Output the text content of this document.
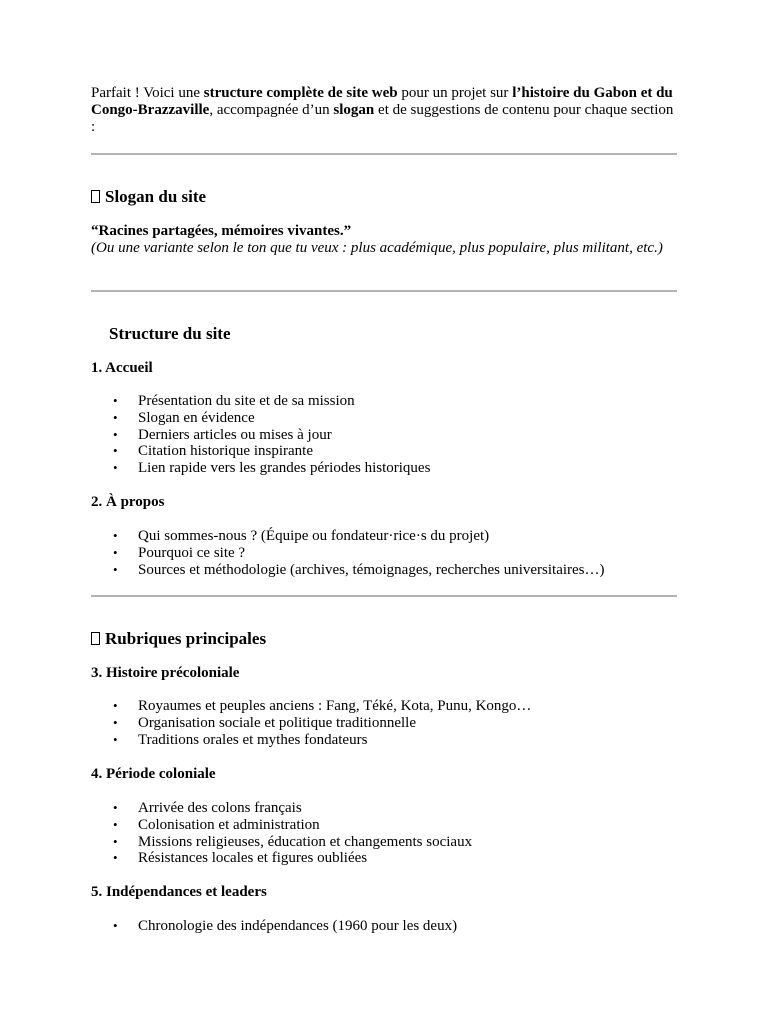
Parfait ! Voici une structure complète de site web pour un projet sur l’histoire du Gabon et du Congo-Brazzaville, accompagnée d’un slogan et de suggestions de contenu pour chaque section :

Slogan du site

“Racines partagées, mémoires vivantes.”
(Ou une variante selon le ton que tu veux : plus académique, plus populaire, plus militant, etc.)

Structure du site
1. Accueil
• Présentation du site et de sa mission
• Slogan en évidence
• Derniers articles ou mises à jour
• Citation historique inspirante
• Lien rapide vers les grandes périodes historiques
2. À propos
• Qui sommes-nous ? (Équipe ou fondateur·rice·s du projet)
• Pourquoi ce site ?
• Sources et méthodologie (archives, témoignages, recherches universitaires…)
Rubriques principales
3. Histoire précoloniale
• Royaumes et peuples anciens : Fang, Téké, Kota, Punu, Kongo…
• Organisation sociale et politique traditionnelle
• Traditions orales et mythes fondateurs
4. Période coloniale
• Arrivée des colons français
• Colonisation et administration
• Missions religieuses, éducation et changements sociaux
• Résistances locales et figures oubliées
5. Indépendances et leaders
• Chronologie des indépendances (1960 pour les deux)
